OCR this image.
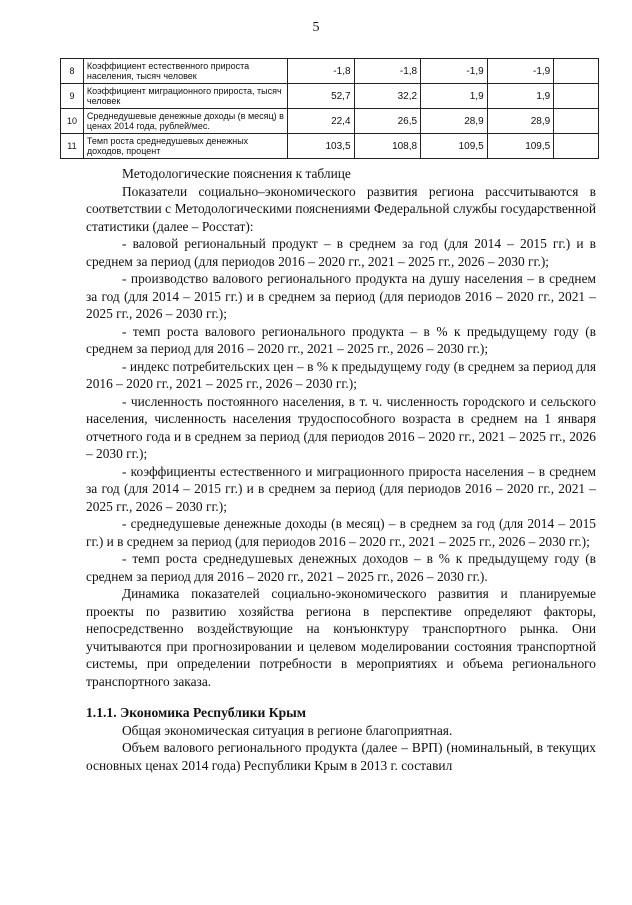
5
8	Коэффициент естественного прироста населения, тысяч человек	-1,8	-1,8	-1,9	-1,9	
9	Коэффициент миграционного прироста, тысяч человек	52,7	32,2	1,9	1,9	
10	Среднедушевые денежные доходы (в месяц) в ценах 2014 года, рублей/мес.	22,4	26,5	28,9	28,9	
11	Темп роста среднедушевых денежных доходов, процент	103,5	108,8	109,5	109,5	

Методологические пояснения к таблице

Показатели социально–экономического развития региона рассчитываются в соответствии с Методологическими пояснениями Федеральной службы государственной статистики (далее – Росстат):

- валовой региональный продукт – в среднем за год (для 2014 – 2015 гг.) и в среднем за период (для периодов 2016 – 2020 гг., 2021 – 2025 гг., 2026 – 2030 гг.);

- производство валового регионального продукта на душу населения – в среднем за год (для 2014 – 2015 гг.) и в среднем за период (для периодов 2016 – 2020 гг., 2021 – 2025 гг., 2026 – 2030 гг.);

- темп роста валового регионального продукта – в % к предыдущему году (в среднем за период для 2016 – 2020 гг., 2021 – 2025 гг., 2026 – 2030 гг.);

- индекс потребительских цен – в % к предыдущему году (в среднем за период для 2016 – 2020 гг., 2021 – 2025 гг., 2026 – 2030 гг.);

- численность постоянного населения, в т. ч. численность городского и сельского населения, численность населения трудоспособного возраста в среднем на 1 января отчетного года и в среднем за период (для периодов 2016 – 2020 гг., 2021 – 2025 гг., 2026 – 2030 гг.);

- коэффициенты естественного и миграционного прироста населения – в среднем за год (для 2014 – 2015 гг.) и в среднем за период (для периодов 2016 – 2020 гг., 2021 – 2025 гг., 2026 – 2030 гг.);

- среднедушевые денежные доходы (в месяц) – в среднем за год (для 2014 – 2015 гг.) и в среднем за период (для периодов 2016 – 2020 гг., 2021 – 2025 гг., 2026 – 2030 гг.);

- темп роста среднедушевых денежных доходов – в % к предыдущему году (в среднем за период для 2016 – 2020 гг., 2021 – 2025 гг., 2026 – 2030 гг.).

Динамика показателей социально-экономического развития и планируемые проекты по развитию хозяйства региона в перспективе определяют факторы, непосредственно воздействующие на конъюнктуру транспортного рынка. Они учитываются при прогнозировании и целевом моделировании состояния транспортной системы, при определении потребности в мероприятиях и объема регионального транспортного заказа.

1.1.1. Экономика Республики Крым

Общая экономическая ситуация в регионе благоприятная.

Объем валового регионального продукта (далее – ВРП) (номинальный, в текущих основных ценах 2014 года) Республики Крым в 2013 г. составил
